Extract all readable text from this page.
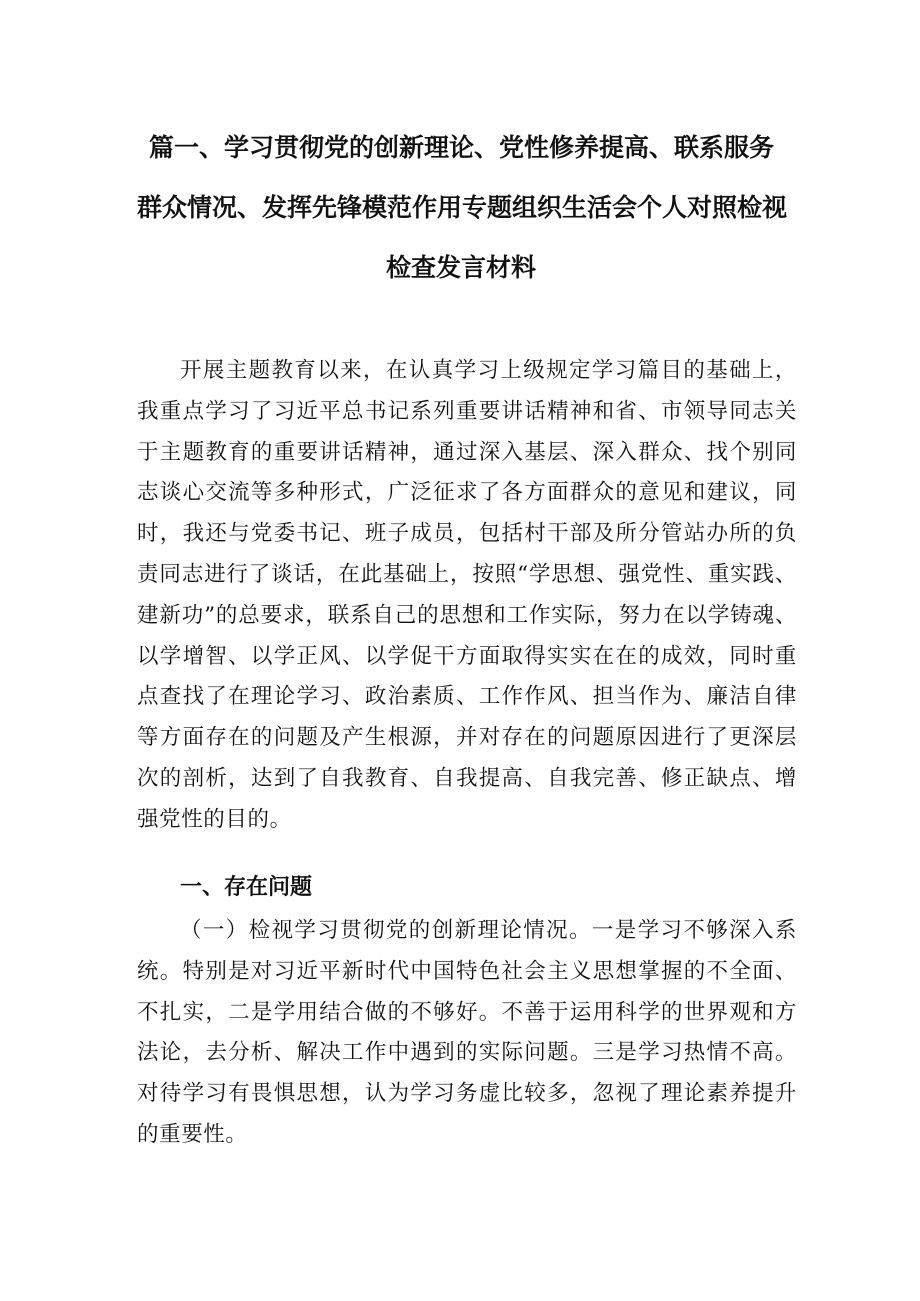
篇一、学习贯彻党的创新理论、党性修养提高、联系服务
群众情况、发挥先锋模范作用专题组织生活会个人对照检视
检查发言材料

开展主题教育以来，在认真学习上级规定学习篇目的基础上，我重点学习了习近平总书记系列重要讲话精神和省、市领导同志关于主题教育的重要讲话精神，通过深入基层、深入群众、找个别同志谈心交流等多种形式，广泛征求了各方面群众的意见和建议，同时，我还与党委书记、班子成员，包括村干部及所分管站办所的负责同志进行了谈话，在此基础上，按照“学思想、强党性、重实践、建新功”的总要求，联系自己的思想和工作实际，努力在以学铸魂、以学增智、以学正风、以学促干方面取得实实在在的成效，同时重点查找了在理论学习、政治素质、工作作风、担当作为、廉洁自律等方面存在的问题及产生根源，并对存在的问题原因进行了更深层次的剖析，达到了自我教育、自我提高、自我完善、修正缺点、增强党性的目的。

一、存在问题

（一）检视学习贯彻党的创新理论情况。一是学习不够深入系统。特别是对习近平新时代中国特色社会主义思想掌握的不全面、不扎实，二是学用结合做的不够好。不善于运用科学的世界观和方法论，去分析、解决工作中遇到的实际问题。三是学习热情不高。对待学习有畏惧思想，认为学习务虚比较多，忽视了理论素养提升的重要性。
